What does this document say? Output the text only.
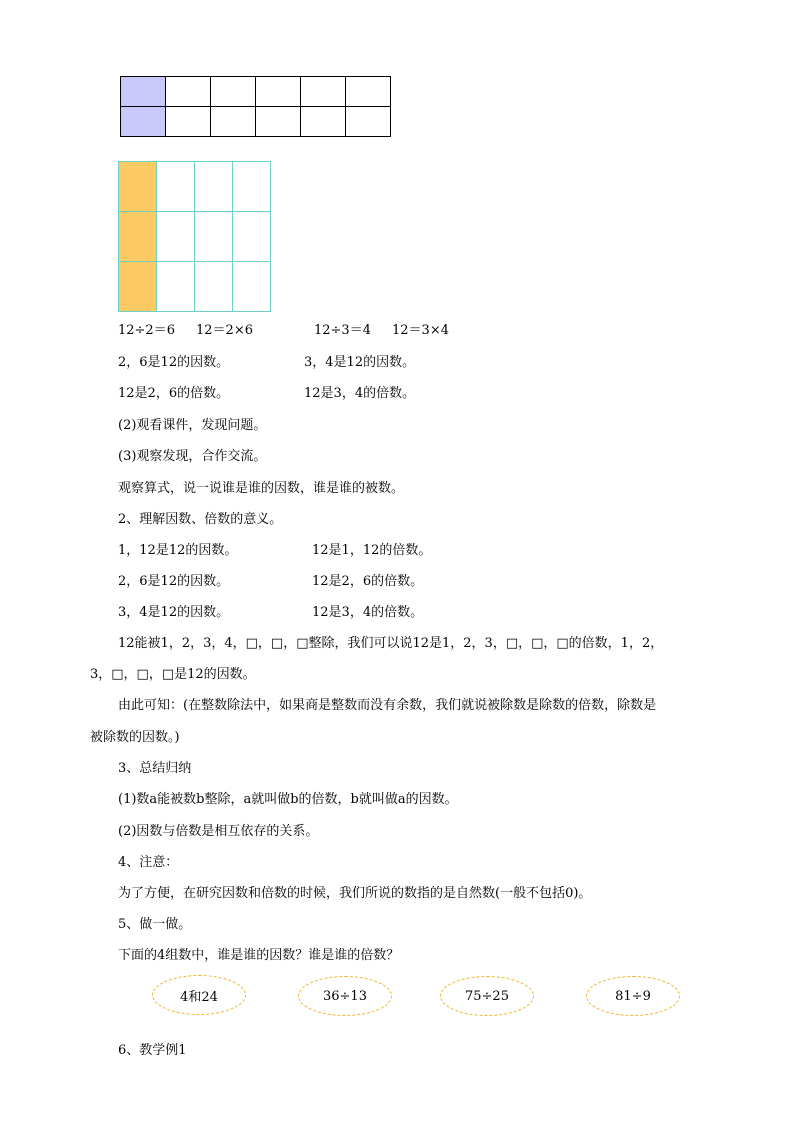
12÷2＝6 12＝2×6	12÷3＝4 12＝3×4
2，6是12的因数。	3，4是12的因数。
12是2，6的倍数。	12是3，4的倍数。
(2)观看课件，发现问题。
(3)观察发现，合作交流。
观察算式，说一说谁是谁的因数，谁是谁的被数。
2、理解因数、倍数的意义。
1，12是12的因数。	12是1，12的倍数。
2，6是12的因数。	12是2，6的倍数。
3，4是12的因数。	12是3，4的倍数。
12能被1，2，3，4，□，□，□整除，我们可以说12是1，2，3，□，□，□的倍数，1，2，
3，□，□，□是12的因数。
由此可知：(在整数除法中，如果商是整数而没有余数，我们就说被除数是除数的倍数，除数是
被除数的因数。)
3、总结归纳
(1)数a能被数b整除，a就叫做b的倍数，b就叫做a的因数。
(2)因数与倍数是相互依存的关系。
4、注意：
为了方便，在研究因数和倍数的时候，我们所说的数指的是自然数(一般不包括0)。
5、做一做。
下面的4组数中，谁是谁的因数？谁是谁的倍数？
4和24	36÷13	75÷25	81÷9
6、教学例1
